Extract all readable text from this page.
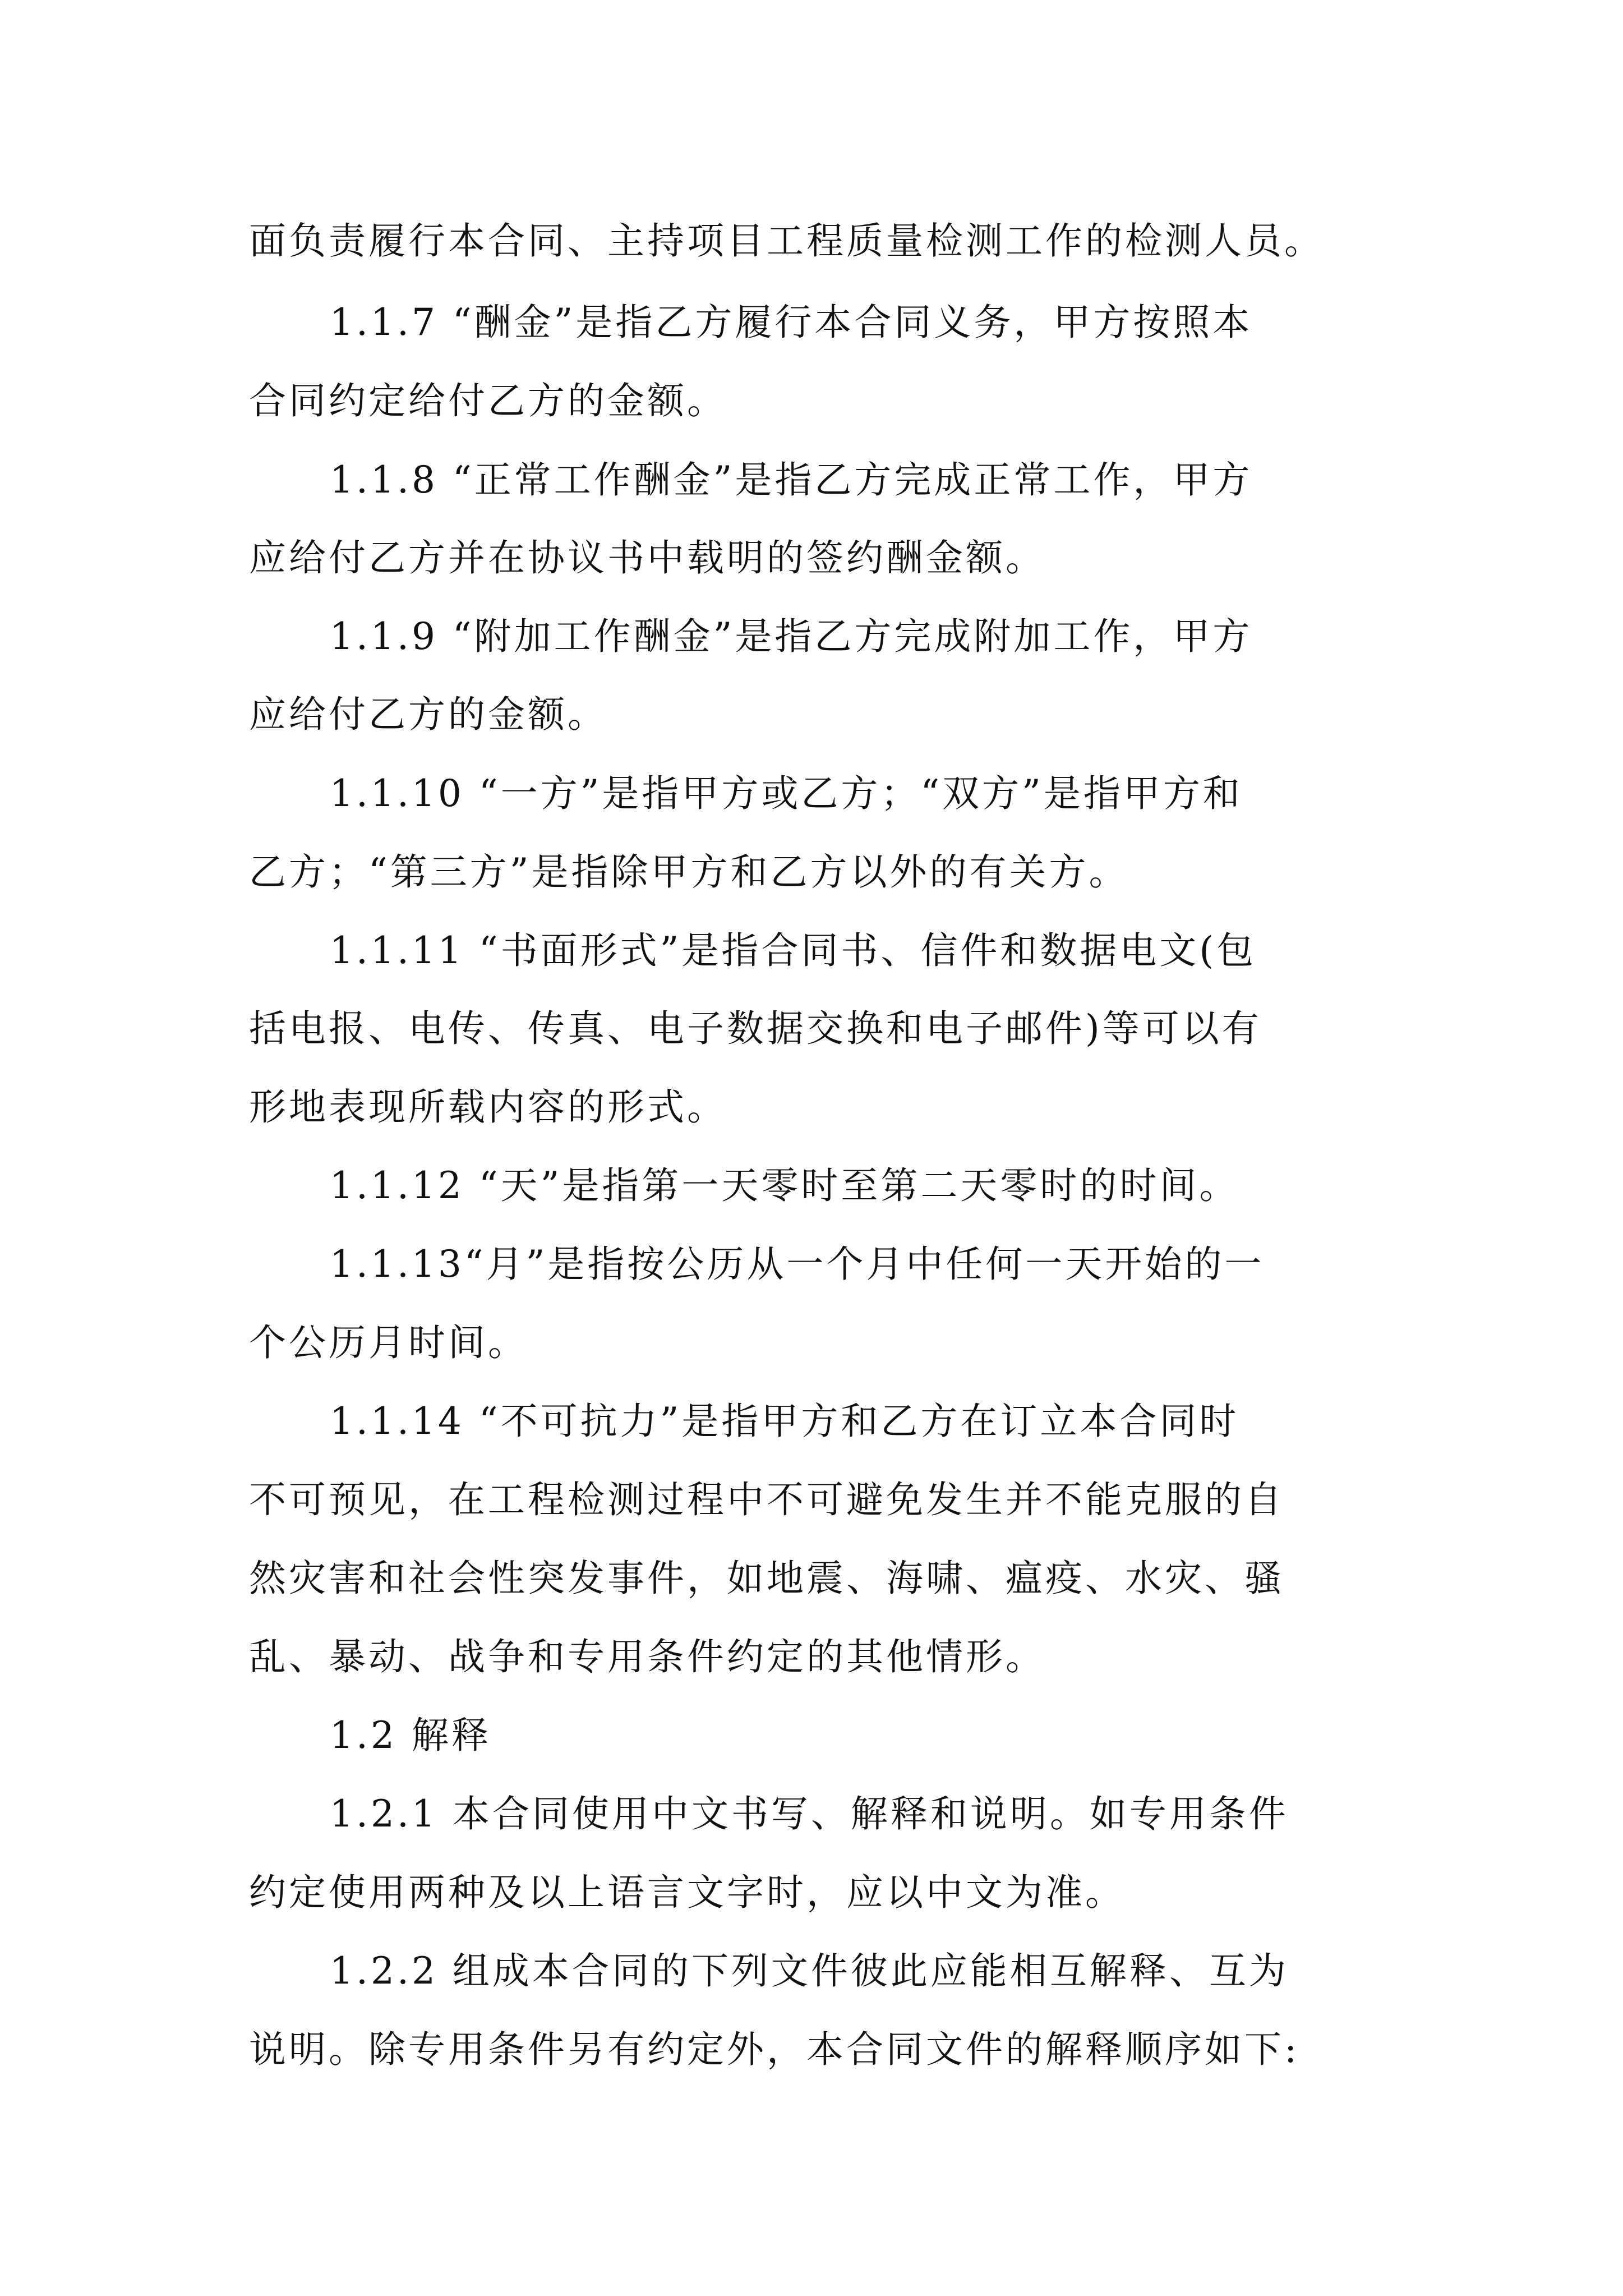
面负责履行本合同、主持项目工程质量检测工作的检测人员。
1.1.7 “酬金”是指乙方履行本合同义务，甲方按照本
合同约定给付乙方的金额。
1.1.8 “正常工作酬金”是指乙方完成正常工作，甲方
应给付乙方并在协议书中载明的签约酬金额。
1.1.9 “附加工作酬金”是指乙方完成附加工作，甲方
应给付乙方的金额。
1.1.10 “一方”是指甲方或乙方；“双方”是指甲方和
乙方；“第三方”是指除甲方和乙方以外的有关方。
1.1.11 “书面形式”是指合同书、信件和数据电文(包
括电报、电传、传真、电子数据交换和电子邮件)等可以有
形地表现所载内容的形式。
1.1.12 “天”是指第一天零时至第二天零时的时间。
1.1.13“月”是指按公历从一个月中任何一天开始的一
个公历月时间。
1.1.14 “不可抗力”是指甲方和乙方在订立本合同时
不可预见，在工程检测过程中不可避免发生并不能克服的自
然灾害和社会性突发事件，如地震、海啸、瘟疫、水灾、骚
乱、暴动、战争和专用条件约定的其他情形。
1.2 解释
1.2.1 本合同使用中文书写、解释和说明。如专用条件
约定使用两种及以上语言文字时，应以中文为准。
1.2.2 组成本合同的下列文件彼此应能相互解释、互为
说明。除专用条件另有约定外，本合同文件的解释顺序如下:
